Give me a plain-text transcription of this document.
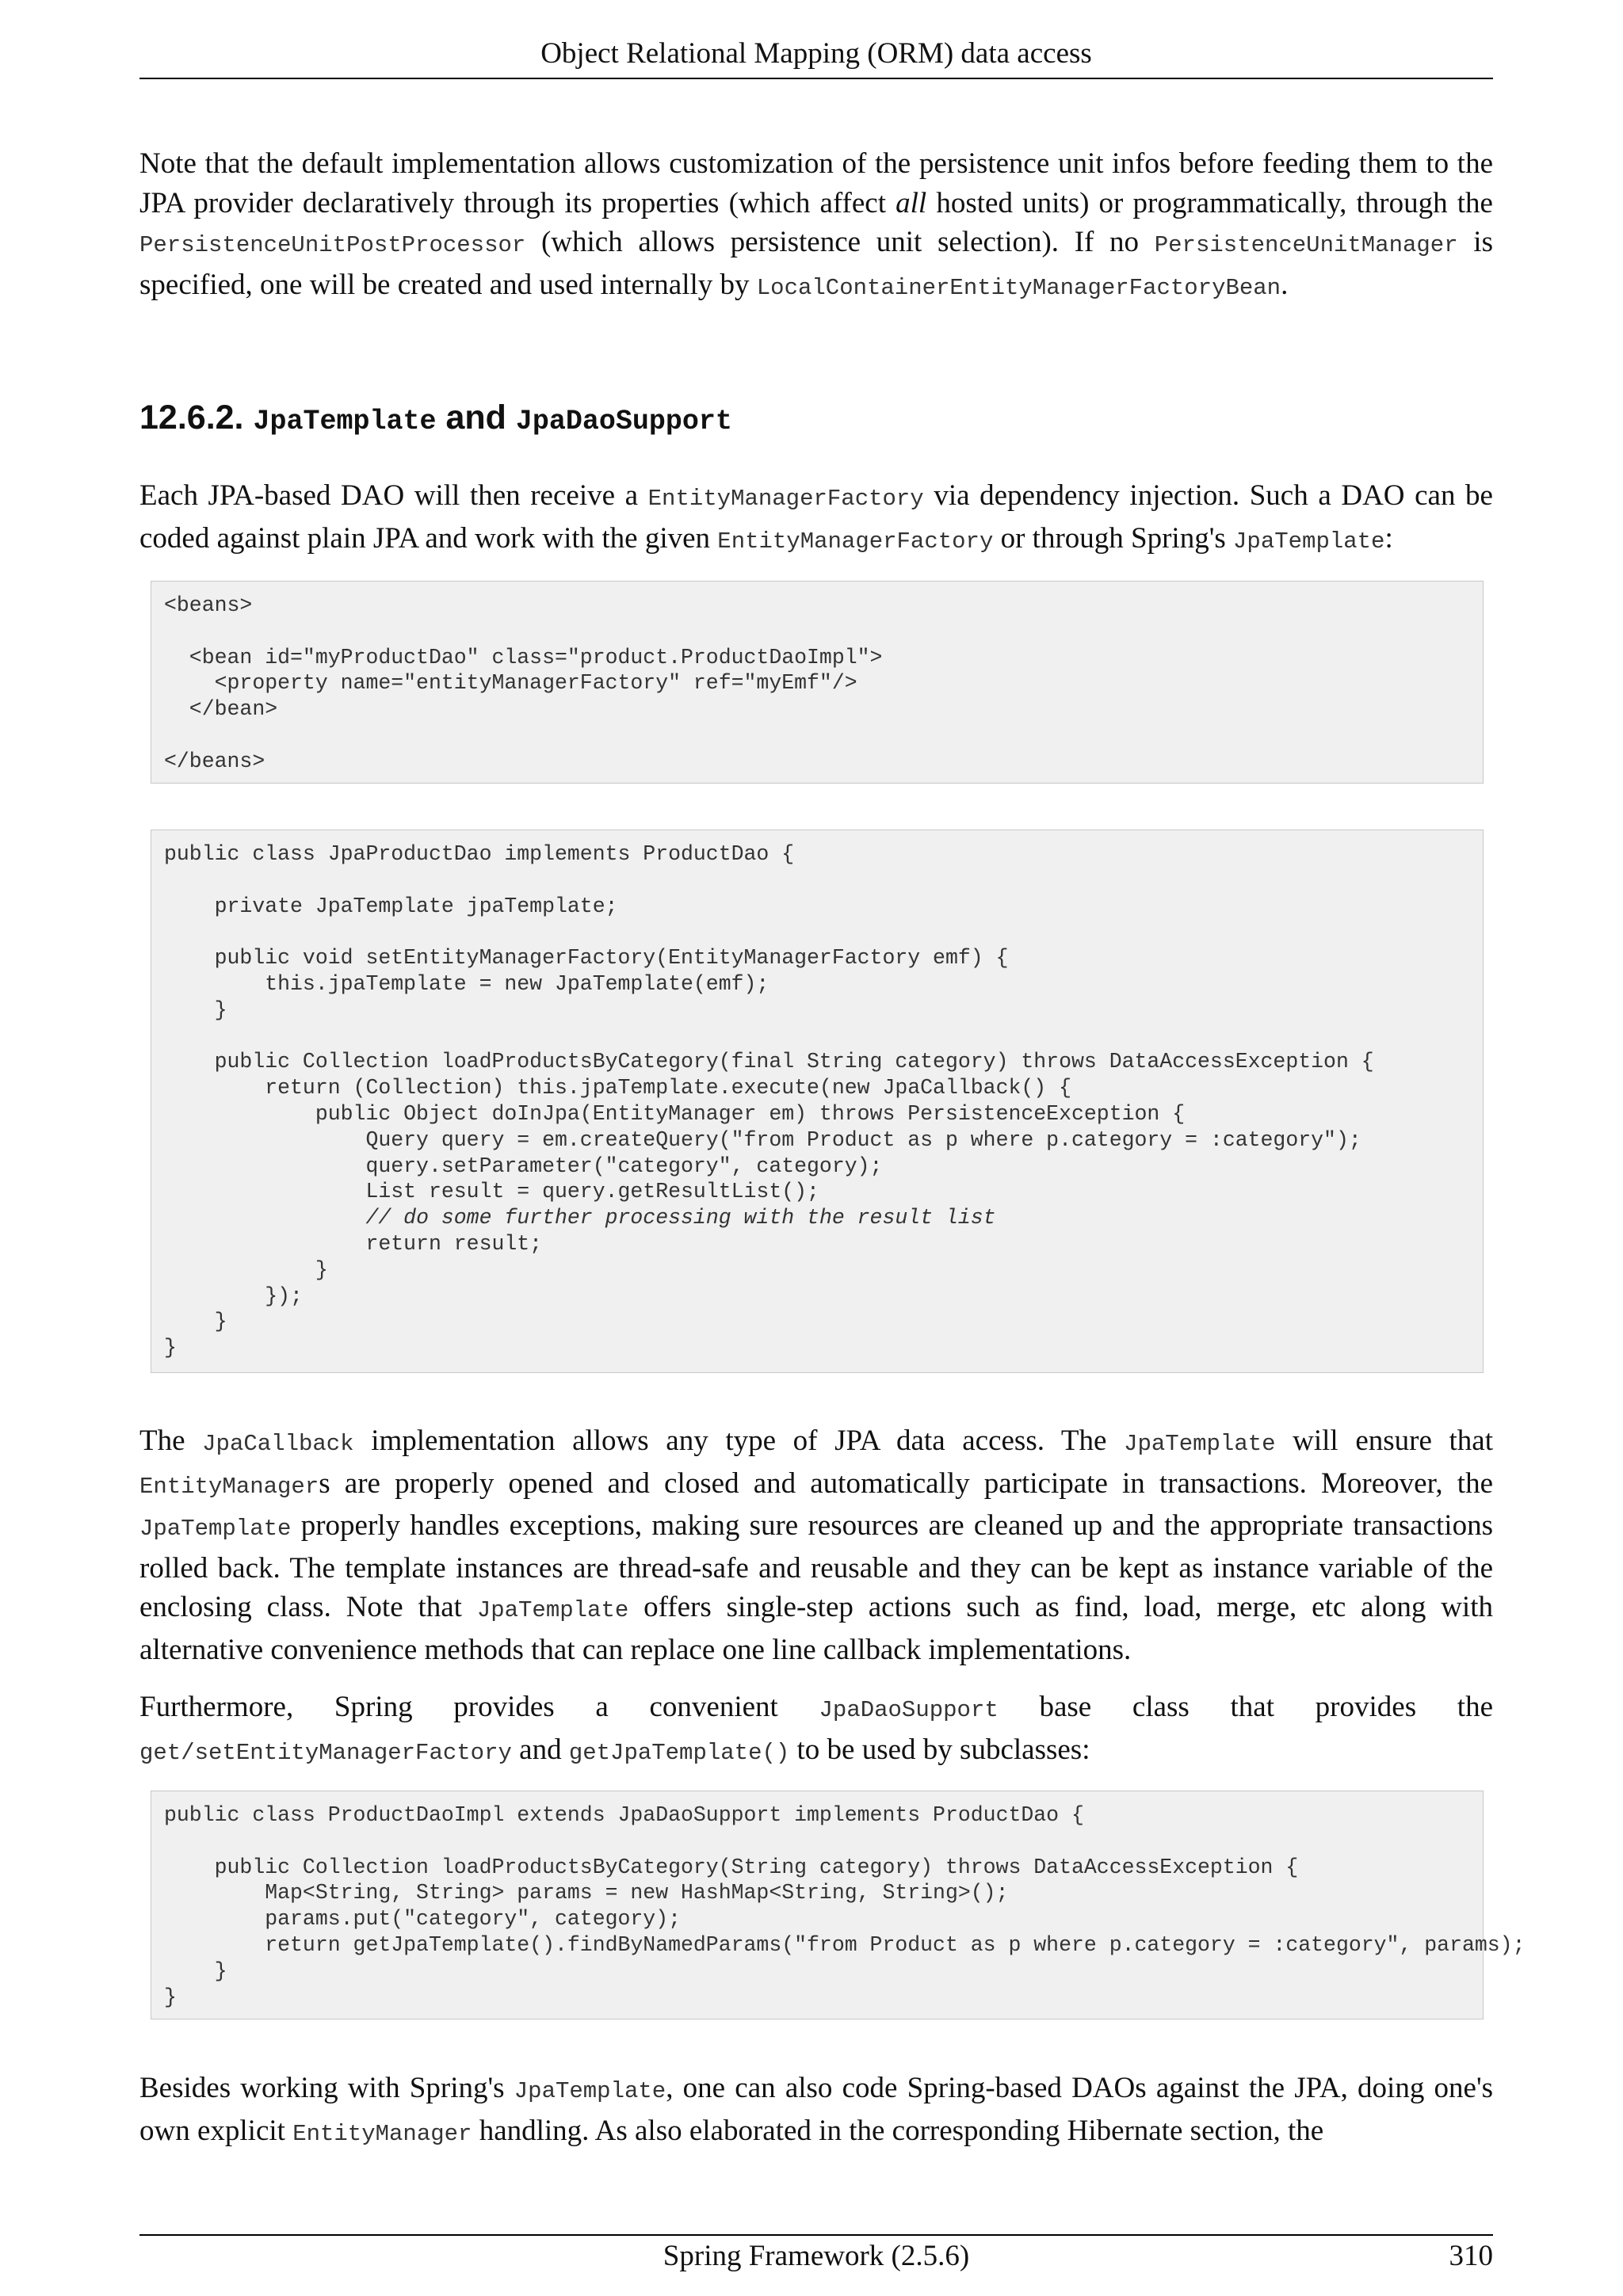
Object Relational Mapping (ORM) data access

Note that the default implementation allows customization of the persistence unit infos before feeding them to the JPA provider declaratively through its properties (which affect all hosted units) or programmatically, through the PersistenceUnitPostProcessor (which allows persistence unit selection). If no PersistenceUnitManager is specified, one will be created and used internally by LocalContainerEntityManagerFactoryBean.

12.6.2. JpaTemplate and JpaDaoSupport

Each JPA-based DAO will then receive a EntityManagerFactory via dependency injection. Such a DAO can be coded against plain JPA and work with the given EntityManagerFactory or through Spring's JpaTemplate:

<beans>

<bean id="myProductDao" class="product.ProductDaoImpl">
<property name="entityManagerFactory" ref="myEmf"/>
</bean>

</beans>
public class JpaProductDao implements ProductDao {

private JpaTemplate jpaTemplate;

public void setEntityManagerFactory(EntityManagerFactory emf) {
this.jpaTemplate = new JpaTemplate(emf);
}

public Collection loadProductsByCategory(final String category) throws DataAccessException {
return (Collection) this.jpaTemplate.execute(new JpaCallback() {
public Object doInJpa(EntityManager em) throws PersistenceException {
Query query = em.createQuery("from Product as p where p.category = :category");
query.setParameter("category", category);
List result = query.getResultList();
// do some further processing with the result list
return result;
}
});
}
}

The JpaCallback implementation allows any type of JPA data access. The JpaTemplate will ensure that EntityManagers are properly opened and closed and automatically participate in transactions. Moreover, the JpaTemplate properly handles exceptions, making sure resources are cleaned up and the appropriate transactions rolled back. The template instances are thread-safe and reusable and they can be kept as instance variable of the enclosing class. Note that JpaTemplate offers single-step actions such as find, load, merge, etc along with alternative convenience methods that can replace one line callback implementations.

Furthermore, Spring provides a convenient JpaDaoSupport base class that provides the get/setEntityManagerFactory and getJpaTemplate() to be used by subclasses:

public class ProductDaoImpl extends JpaDaoSupport implements ProductDao {

public Collection loadProductsByCategory(String category) throws DataAccessException {
Map<String, String> params = new HashMap<String, String>();
params.put("category", category);
return getJpaTemplate().findByNamedParams("from Product as p where p.category = :category", params);
}
}

Besides working with Spring's JpaTemplate, one can also code Spring-based DAOs against the JPA, doing one's own explicit EntityManager handling. As also elaborated in the corresponding Hibernate section, the

Spring Framework (2.5.6)	310
